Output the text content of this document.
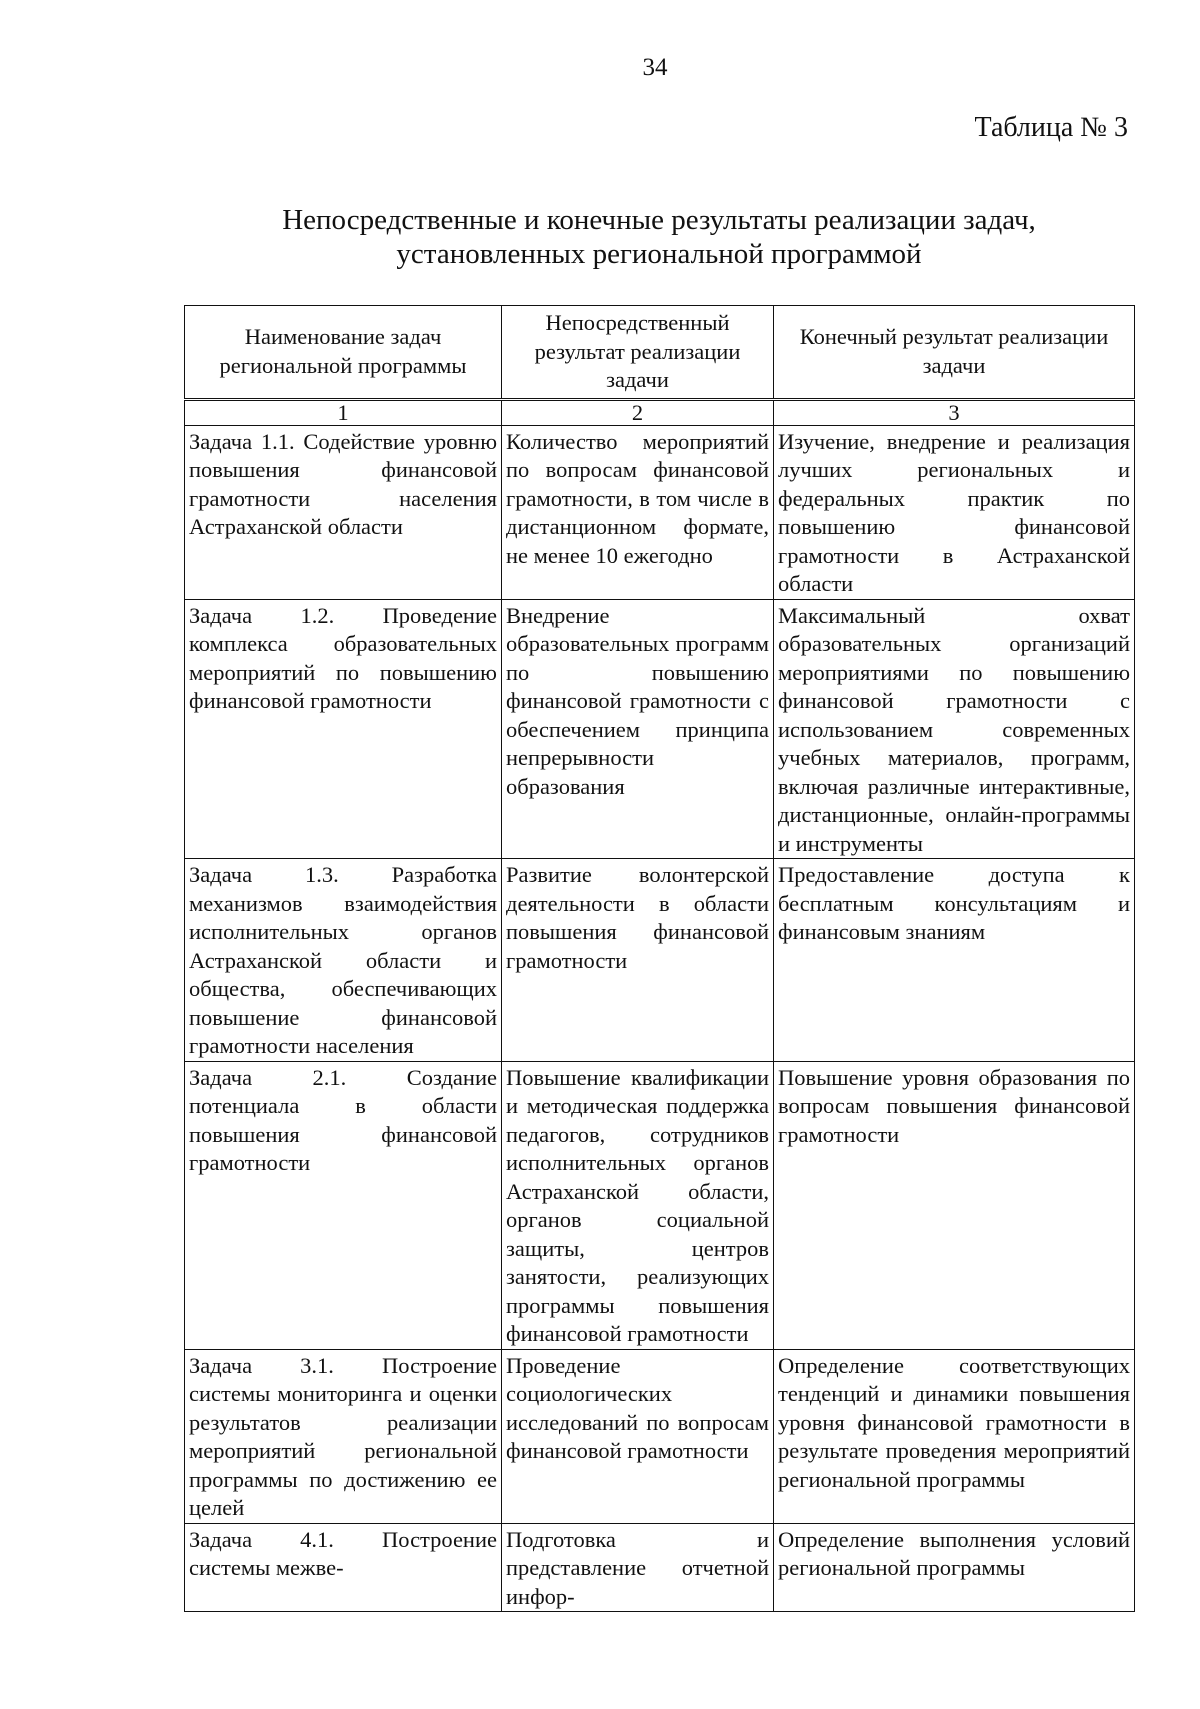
34
Таблица № 3
Непосредственные и конечные результаты реализации задач,
установленных региональной программой
Наименование задач региональной программы	Непосредственный результат реализации задачи	Конечный результат реализации задачи
1	2	3
Задача 1.1. Содействие уровню повышения финансовой грамотности населения Астраханской области	Количество мероприятий по вопросам финансовой грамотности, в том числе в дистанционном формате, не менее 10 ежегодно	Изучение, внедрение и реализация лучших региональных и федеральных практик по повышению финансовой грамотности в Астраханской области
Задача 1.2. Проведение комплекса образовательных мероприятий по повышению финансовой грамотности	Внедрение образовательных программ по повышению финансовой грамотности с обеспечением принципа непрерывности образования	Максимальный охват образовательных организаций мероприятиями по повышению финансовой грамотности с использованием современных учебных материалов, программ, включая различные интерактивные, дистанционные, онлайн-программы и инструменты
Задача 1.3. Разработка механизмов взаимодействия исполнительных органов Астраханской области и общества, обеспечивающих повышение финансовой грамотности населения	Развитие волонтерской деятельности в области повышения финансовой грамотности	Предоставление доступа к бесплатным консультациям и финансовым знаниям
Задача 2.1. Создание потенциала в области повышения финансовой грамотности	Повышение квалификации и методическая поддержка педагогов, сотрудников исполнительных органов Астраханской области, органов социальной защиты, центров занятости, реализующих программы повышения финансовой грамотности	Повышение уровня образования по вопросам повышения финансовой грамотности
Задача 3.1. Построение системы мониторинга и оценки результатов реализации мероприятий региональной программы по достижению ее целей	Проведение социологических исследований по вопросам финансовой грамотности	Определение соответствующих тенденций и динамики повышения уровня финансовой грамотности в результате проведения мероприятий региональной программы
Задача 4.1. Построение системы межве-	Подготовка и представление отчетной инфор-	Определение выполнения условий региональной программы
